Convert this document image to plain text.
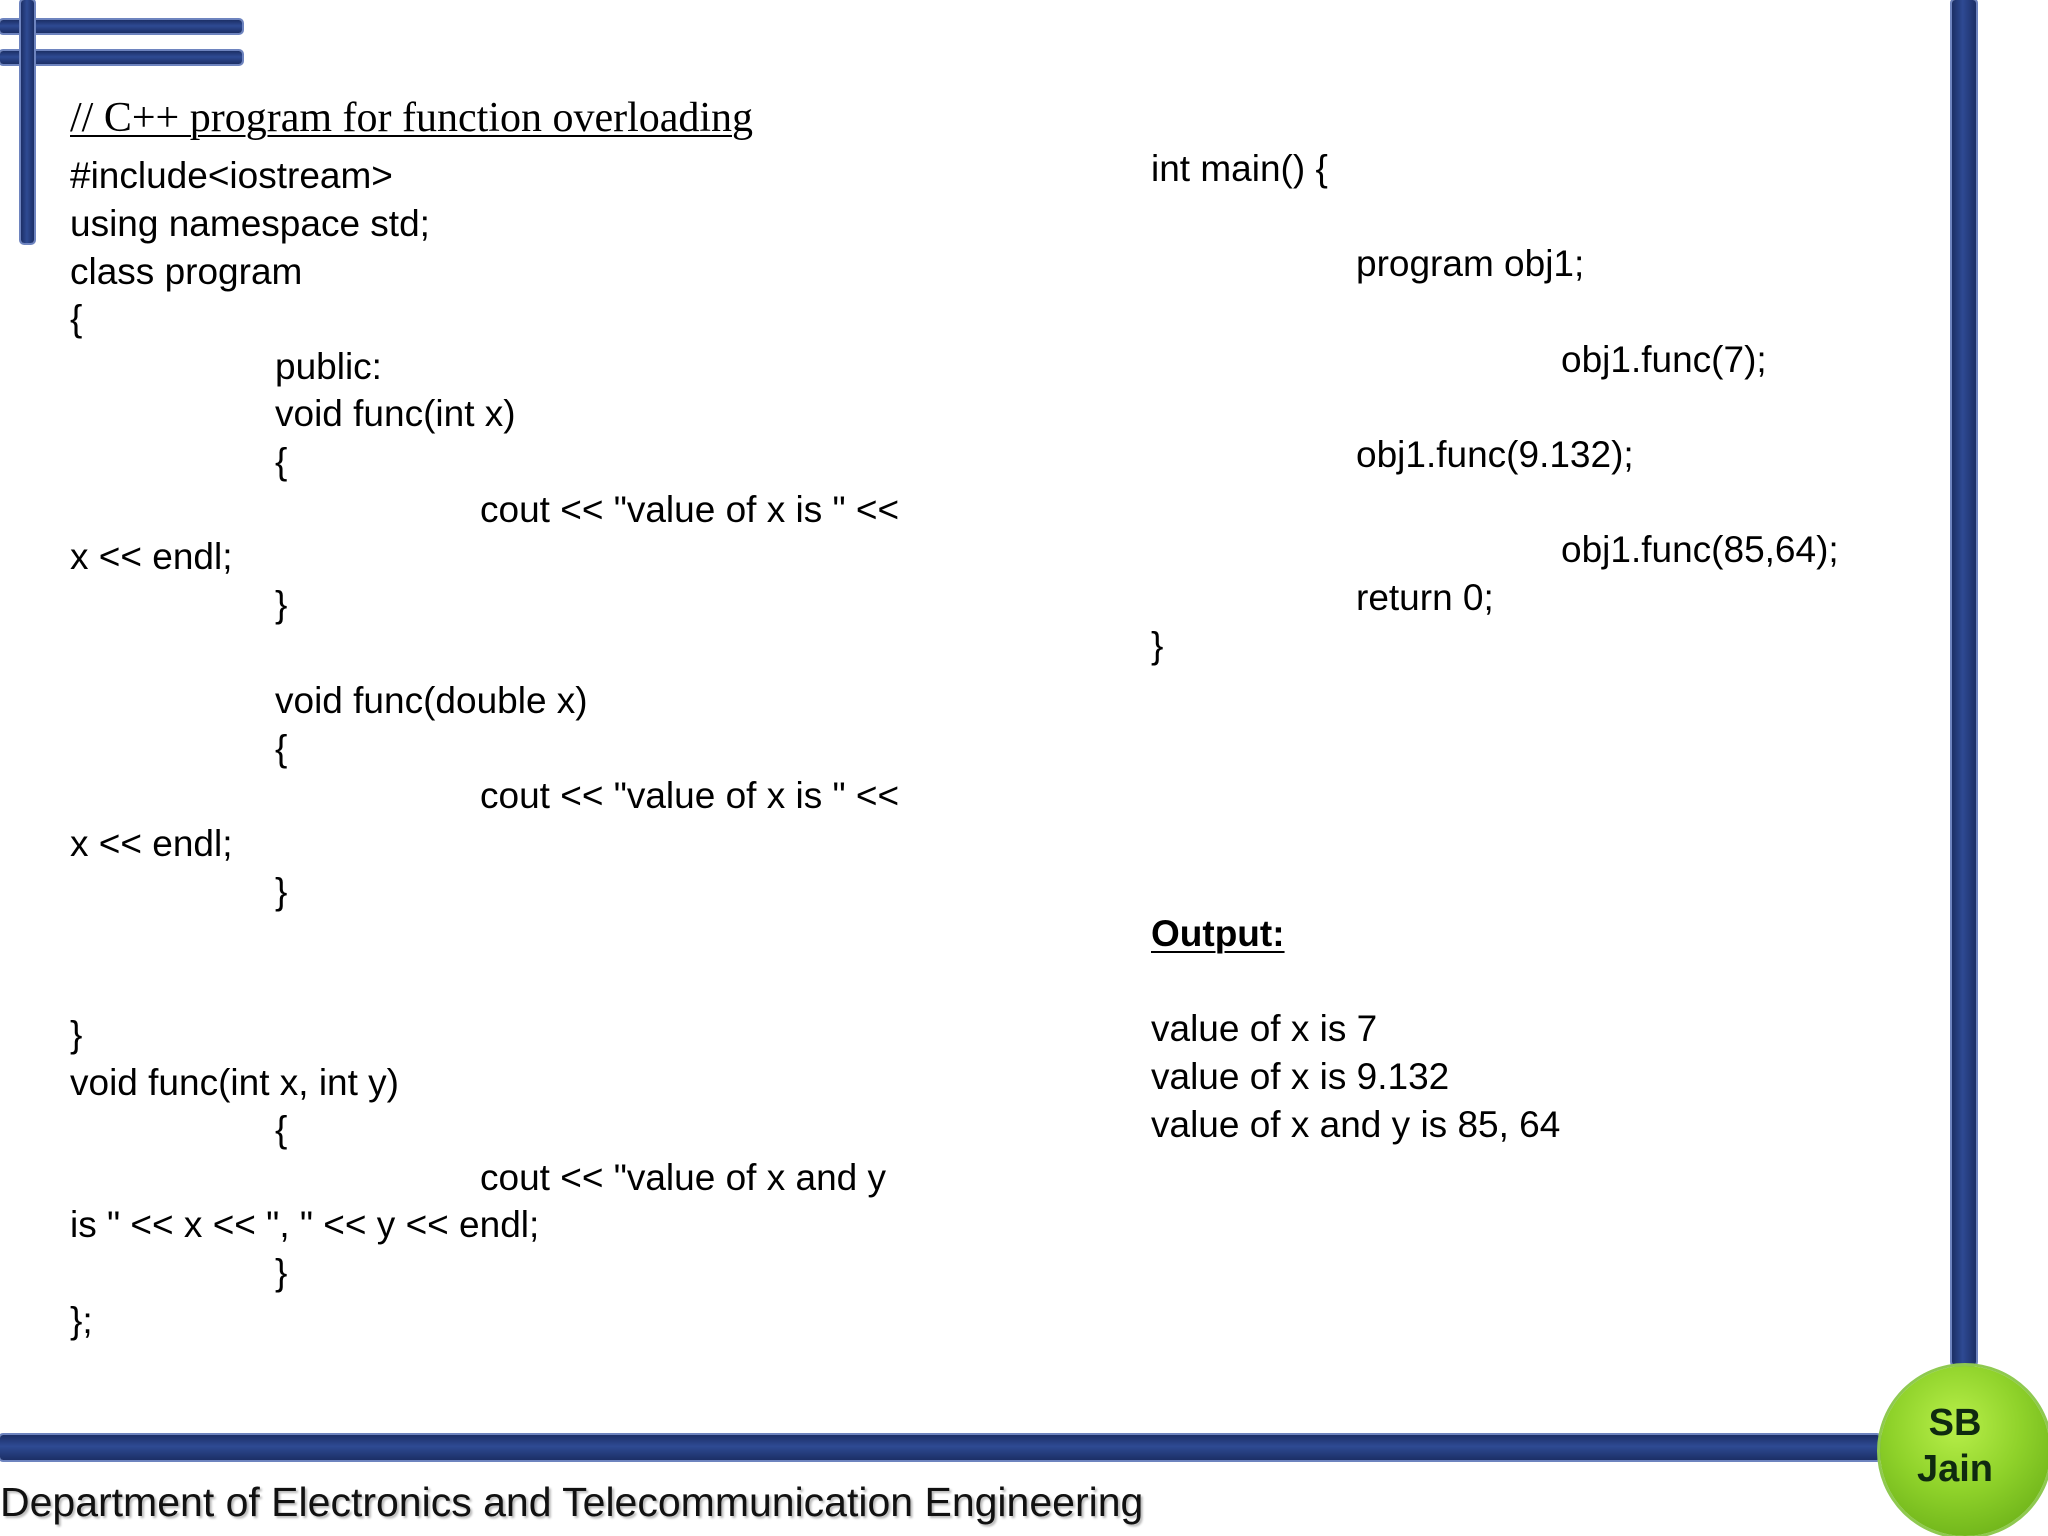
// C++ program for function overloading
#include<iostream>
using namespace std;
class program
{
public:
void func(int x)
{
cout << "value of x is " <<
x << endl;
}
void func(double x)
{
cout << "value of x is " <<
x << endl;
}
}
void func(int x, int y)
{
cout << "value of x and y
is " << x << ", " << y << endl;
}
};
int main() {
program obj1;
obj1.func(7);
obj1.func(9.132);
obj1.func(85,64);
return 0;
}
Output:
value of x is 7
value of x is 9.132
value of x and y is 85, 64
Department of Electronics and Telecommunication Engineering
SB
Jain
